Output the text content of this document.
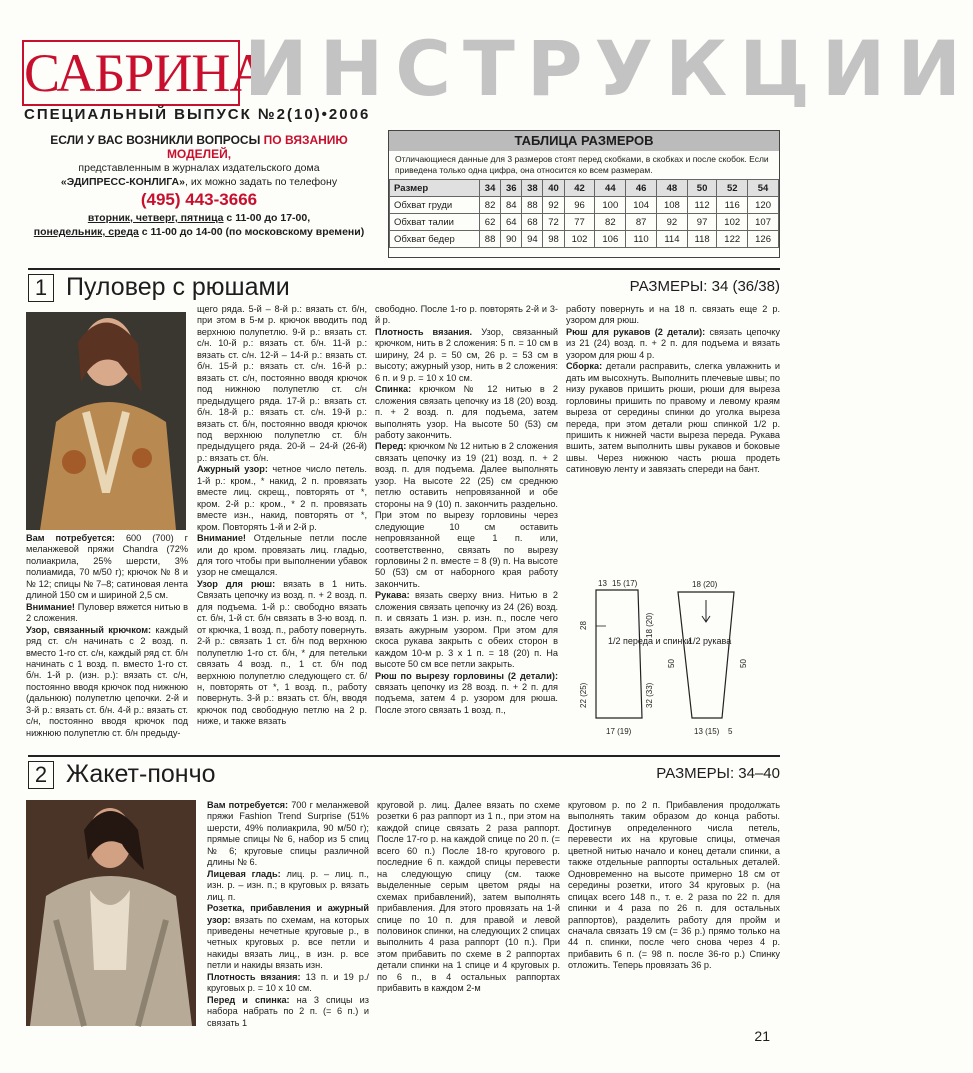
САБРИНА
ИНСТРУКЦИИ
СПЕЦИАЛЬНЫЙ ВЫПУСК №2(10)•2006
ЕСЛИ У ВАС ВОЗНИКЛИ ВОПРОСЫ ПО ВЯЗАНИЮ МОДЕЛЕЙ,
представленным в журналах издательского дома
«ЭДИПРЕСС-КОНЛИГА», их можно задать по телефону
(495) 443-3666
вторник, четверг, пятница с 11-00 до 17-00,
понедельник, среда с 11-00 до 14-00 (по московскому времени)
ТАБЛИЦА РАЗМЕРОВ
Отличающиеся данные для 3 размеров стоят перед скобками, в скобках и после скобок. Если приведена только одна цифра, она относится ко всем размерам.
Размер	34	36	38	40	42	44	46	48	50	52	54
Обхват груди	82	84	88	92	96	100	104	108	112	116	120
Обхват талии	62	64	68	72	77	82	87	92	97	102	107
Обхват бедер	88	90	94	98	102	106	110	114	118	122	126
1 Пуловер с рюшами	РАЗМЕРЫ: 34 (36/38)

Вам потребуется: 600 (700) г меланжевой пряжи Chandra (72% полиакрила, 25% шерсти, 3% полиамида, 70 м/50 г); крючок № 8 и № 12; спицы № 7–8; сатиновая лента длиной 150 см и шириной 2,5 см.

Внимание! Пуловер вяжется нитью в 2 сложения.

Узор, связанный крючком: каждый ряд ст. с/н начинать с 2 возд. п. вместо 1-го ст. с/н, каждый ряд ст. б/н начинать с 1 возд. п. вместо 1-го ст. б/н. 1-й р. (изн. р.): вязать ст. с/н, постоянно вводя крючок под нижнюю (дальнюю) полупетлю цепочки. 2-й и 3-й р.: вязать ст. б/н. 4-й р.: вязать ст. с/н, постоянно вводя крючок под нижнюю полупетлю ст. б/н предыду-

щего ряда. 5-й – 8-й р.: вязать ст. б/н, при этом в 5-м р. крючок вводить под верхнюю полупетлю. 9-й р.: вязать ст. с/н. 10-й р.: вязать ст. б/н. 11-й р.: вязать ст. с/н. 12-й – 14-й р.: вязать ст. б/н. 15-й р.: вязать ст. с/н. 16-й р.: вязать ст. с/н, постоянно вводя крючок под нижнюю полупетлю ст. с/н предыдущего ряда. 17-й р.: вязать ст. б/н. 18-й р.: вязать ст. с/н. 19-й р.: вязать ст. б/н, постоянно вводя крючок под верхнюю полупетлю ст. б/н предыдущего ряда. 20-й – 24-й (26-й) р.: вязать ст. б/н.

Ажурный узор: четное число петель. 1-й р.: кром., * накид, 2 п. провязать вместе лиц. скрещ., повторять от *, кром. 2-й р.: кром., * 2 п. провязать вместе изн., накид, повторять от *, кром. Повторять 1-й и 2-й р.

Внимание! Отдельные петли после или до кром. провязать лиц. гладью, для того чтобы при выполнении убавок узор не смещался.

Узор для рюш: вязать в 1 нить. Связать цепочку из возд. п. + 2 возд. п. для подъема. 1-й р.: свободно вязать ст. б/н, 1-й ст. б/н связать в 3-ю возд. п. от крючка, 1 возд. п., работу повернуть. 2-й р.: связать 1 ст. б/н под верхнюю полупетлю 1-го ст. б/н, * для петельки связать 4 возд. п., 1 ст. б/н под верхнюю полупетлю следующего ст. б/н, повторять от *, 1 возд. п., работу повернуть. 3-й р.: вязать ст. б/н, вводя крючок под свободную петлю на 2 р. ниже, и также вязать

свободно. После 1-го р. повторять 2-й и 3-й р.

Плотность вязания. Узор, связанный крючком, нить в 2 сложения: 5 п. = 10 см в ширину, 24 р. = 50 см, 26 р. = 53 см в высоту; ажурный узор, нить в 2 сложения: 6 п. и 9 р. = 10 х 10 см.

Спинка: крючком № 12 нитью в 2 сложения связать цепочку из 18 (20) возд. п. + 2 возд. п. для подъема, затем выполнять узор. На высоте 50 (53) см работу закончить.

Перед: крючком № 12 нитью в 2 сложения связать цепочку из 19 (21) возд. п. + 2 возд. п. для подъема. Далее выполнять узор. На высоте 22 (25) см среднюю петлю оставить непровязанной и обе стороны на 9 (10) п. закончить раздельно. При этом по вырезу горловины через следующие 10 см оставить непровязанной еще 1 п. или, соответственно, связать по вырезу горловины 2 п. вместе = 8 (9) п. На высоте 50 (53) см от наборного края работу закончить.

Рукава: вязать сверху вниз. Нитью в 2 сложения связать цепочку из 24 (26) возд. п. и связать 1 изн. р. изн. п., после чего вязать ажурным узором. При этом для скоса рукава закрыть с обеих сторон в каждом 10-м р. 3 х 1 п. = 18 (20) п. На высоте 50 см все петли закрыть.

Рюш по вырезу горловины (2 детали): связать цепочку из 28 возд. п. + 2 п. для подъема, затем 4 р. узором для рюша. После этого связать 1 возд. п.,

работу повернуть и на 18 п. связать еще 2 р. узором для рюш.

Рюш для рукавов (2 детали): связать цепочку из 21 (24) возд. п. + 2 п. для подъема и вязать узором для рюш 4 р.

Сборка: детали расправить, слегка увлажнить и дать им высохнуть. Выполнить плечевые швы; по низу рукавов пришить рюши, рюши для выреза горловины пришить по правому и левому краям выреза от середины спинки до уголка выреза переда, при этом детали рюш спинкой 1/2 р. пришить к нижней части выреза переда. Рукава вшить, затем выполнить швы рукавов и боковые швы. Через нижнюю часть рюша продеть сатиновую ленту и завязать спереди на бант.

1/2 переда и спинки
13 15 (17)
28	18 (20)
22 (25)	32 (33)
17 (19)
1/2 рукава
18 (20)
50	50
13 (15) 5
2 Жакет-пончо	РАЗМЕРЫ: 34–40

Вам потребуется: 700 г меланжевой пряжи Fashion Trend Surprise (51% шерсти, 49% полиакрила, 90 м/50 г); прямые спицы № 6, набор из 5 спиц № 6; круговые спицы различной длины № 6.

Лицевая гладь: лиц. р. – лиц. п., изн. р. – изн. п.; в круговых р. вязать лиц. п.

Розетка, прибавления и ажурный узор: вязать по схемам, на которых приведены нечетные круговые р., в четных круговых р. все петли и накиды вязать лиц., в изн. р. все петли и накиды вязать изн.

Плотность вязания: 13 п. и 19 р./круговых р. = 10 х 10 см.

Перед и спинка: на 3 спицы из набора набрать по 2 п. (= 6 п.) и связать 1

круговой р. лиц. Далее вязать по схеме розетки 6 раз раппорт из 1 п., при этом на каждой спице связать 2 раза раппорт. После 17-го р. на каждой спице по 20 п. (= всего 60 п.) После 18-го кругового р. последние 6 п. каждой спицы перевести на следующую спицу (см. также выделенные серым цветом ряды на схемах прибавлений), затем выполнять прибавления. Для этого провязать на 1-й спице по 10 п. для правой и левой половинок спинки, на следующих 2 спицах выполнить 4 раза раппорт (10 п.). При этом прибавить по схеме в 2 раппортах детали спинки на 1 спице и 4 круговых р. по 6 п., в 4 остальных раппортах прибавить в каждом 2-м

круговом р. по 2 п. Прибавления продолжать выполнять таким образом до конца работы. Достигнув определенного числа петель, перевести их на круговые спицы, отмечая цветной нитью начало и конец детали спинки, а также отдельные раппорты остальных деталей. Одновременно на высоте примерно 18 см от середины розетки, итого 34 круговых р. (на спицах всего 148 п., т. е. 2 раза по 22 п. для спинки и 4 раза по 26 п. для остальных раппортов), разделить работу для пройм и сначала связать 19 см (= 36 р.) прямо только на 44 п. спинки, после чего снова через 4 р. прибавить 6 п. (= 98 п. после 36-го р.) Спинку отложить. Теперь провязать 36 р.

21
